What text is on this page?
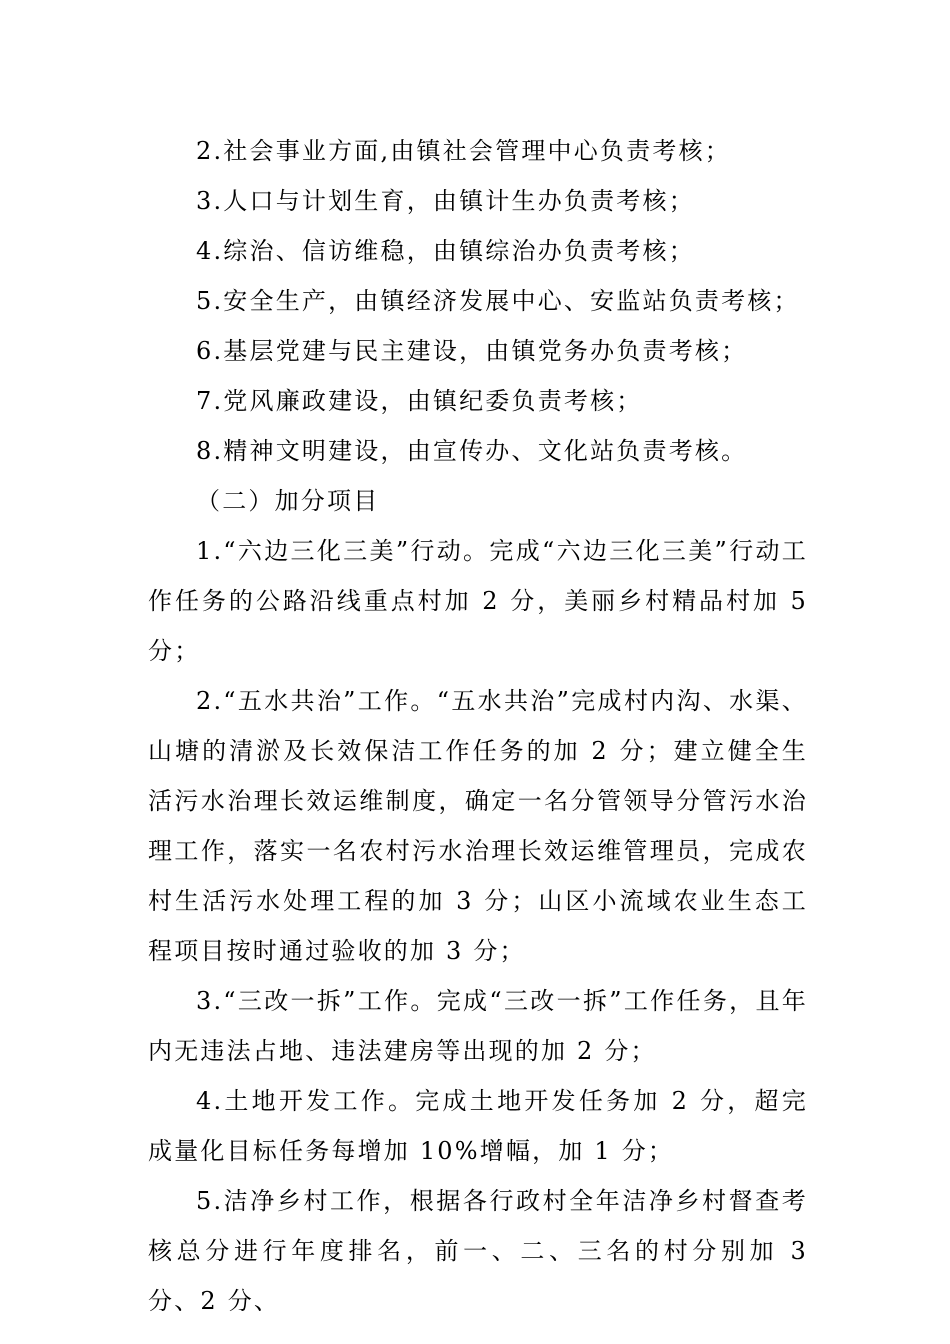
2.社会事业方面,由镇社会管理中心负责考核；

3.人口与计划生育，由镇计生办负责考核；

4.综治、信访维稳，由镇综治办负责考核；

5.安全生产，由镇经济发展中心、安监站负责考核；

6.基层党建与民主建设，由镇党务办负责考核；

7.党风廉政建设，由镇纪委负责考核；

8.精神文明建设，由宣传办、文化站负责考核。

（二）加分项目

1.“六边三化三美”行动。完成“六边三化三美”行动工作任务的公路沿线重点村加 2 分，美丽乡村精品村加 5 分；

2.“五水共治”工作。“五水共治”完成村内沟、水渠、山塘的清淤及长效保洁工作任务的加 2 分；建立健全生活污水治理长效运维制度，确定一名分管领导分管污水治理工作，落实一名农村污水治理长效运维管理员，完成农村生活污水处理工程的加 3 分；山区小流域农业生态工程项目按时通过验收的加 3 分；

3.“三改一拆”工作。完成“三改一拆”工作任务，且年内无违法占地、违法建房等出现的加 2 分；

4.土地开发工作。完成土地开发任务加 2 分，超完成量化目标任务每增加 10%增幅，加 1 分；

5.洁净乡村工作，根据各行政村全年洁净乡村督查考核总分进行年度排名，前一、二、三名的村分别加 3 分、2 分、
